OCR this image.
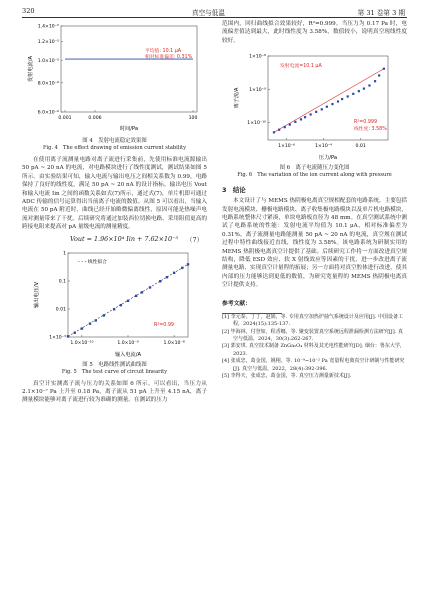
320	真空与低温	第 31 卷第 3 期
1.4×10⁻⁵
1.2×10⁻⁵
1.0×10⁻⁵
8.0×10⁻⁶
6.0×10⁻⁶
0.001	0.006	100
平均值: 10.1 μA
相对标准偏差: 0.31%
时间/Pa
发射电流/A
图 4　发射电流稳定效果图
Fig. 4　The effect drawing of emission current stability

在使用离子流测量电路对离子流进行采集前，先使用标准电流源输出 50 pA ~ 20 nA 的电流，对电路模块进行了线性度测试，测试结果如图 5 所示。由实验结果可知，输入电流与输出电压之间相关系数为 0.99，电路保持了良好的线性度，满足 50 pA ~ 20 nA 的设计指标。输出电压 Vout 和输入电流 Iin 之间的函数关系如式(7)所示，通过式(7)，单片机即可通过 ADC 传输的信号运算得出当前离子电流的数值。从图 5 可以看出，当输入电流在 50 pA 附近时，曲线已经开始略微偏离线性，原因可能是热噪声电流对测量带来了干扰。后续研究将通过加装西位切换电路、采用阻值更高的跨接电阻来提高对 pA 量级电流的测量精度。

Vout = 1.96×10⁴ Iin + 7.62×10⁻⁵ （7）
1
0.1
0.01
1×10⁻³
1.0×10⁻¹⁰	1.0×10⁻⁹	1.0×10⁻⁸
- - - 线性拟合
R²=0.99
输入电流/A
输出电压/V
图 5　电路线性测试曲线图
Fig. 5　The test curve of circuit linearity

真空计实测离子流与压力的关系如图 6 所示。可以看出，当压力从 2.1×10⁻⁷ Pa 上升至 0.18 Pa，离子流从 51 pA 上升至 4.15 nA，离子测量模块能够对离子流进行较为准确的测量。在测试的压力

范围内，回归曲线拟合效果较好，R²=0.999。当压力为 0.17 Pa 时，电流偏差值达到最大，此时线性度为 3.58%，数值较小，说明真空现线性度较好。

1×10⁻⁸
1×10⁻⁹
1×10⁻¹⁰
1×10⁻⁶	1×10⁻⁴	0.01
发射电流=10.1 μA
R²=0.999
线性度: 3.58%
压力/Pa
离子流/A
图 6　离子电流随压力变化图
Fig. 6　The variation of the ion current along with pressure
3　结论

本文设计了与 MEMS 热阴极电离真空规相配套的电路系统，主要包括发射电流模块、栅极电路模块、离子收集极电路模块以及单片机电路模块，电路系统整体尺寸紧凑，单块电路板直径为 48 mm。在真空测试系统中测试了电路系统的性能：发射电流平均值为 10.1 μA，相对标准偏差为 0.31%，离子流测量电路能测量 50 pA ~ 20 nA 的电流，真空规在测试过程中特性曲线接近直线，线性度为 3.58%。该电路系统为研制实用的 MEMS 热阴极电离真空计提供了基础。后续研究工作将一方面改进真空规结构，降低 ESD 效应、软 X 射线效应等因素的干扰，进一步改进离子流测量电路，实现真空计量程的拓展；另一方面将对真空腔体进行改进，使其内部的压力能够达到更低的数值，为研究宽量程的 MEMS 热阴极电离真空计提供支持。

参考文献：

[1] 李元泰，丁丁，赵娟，等. 专用真空加热炉抽气系统设计及应用[J]. 中国设备工程，2024(15):135-137.

[2] 毕海林，付登如，程香娜，等. 聚变装置真空系统远程泄漏检测方法研究[J]. 真空与低温，2024，30(3):262-267.

[3] 郭安琪. 真空技术制备 ZnGa₂O₄ 材料及其光电性能研究[D]. 烟台：鲁东大学，2023.

[4] 张成忠，葛金国，姚栩，等. 10⁻⁹~10⁻² Pa 宽量程电离真空计研制与性能研究[J]. 真空与低温，2022，28(4):392-396.

[5] 李得天，张成忠，葛金国，等. 真空压力测量新技术[J].
